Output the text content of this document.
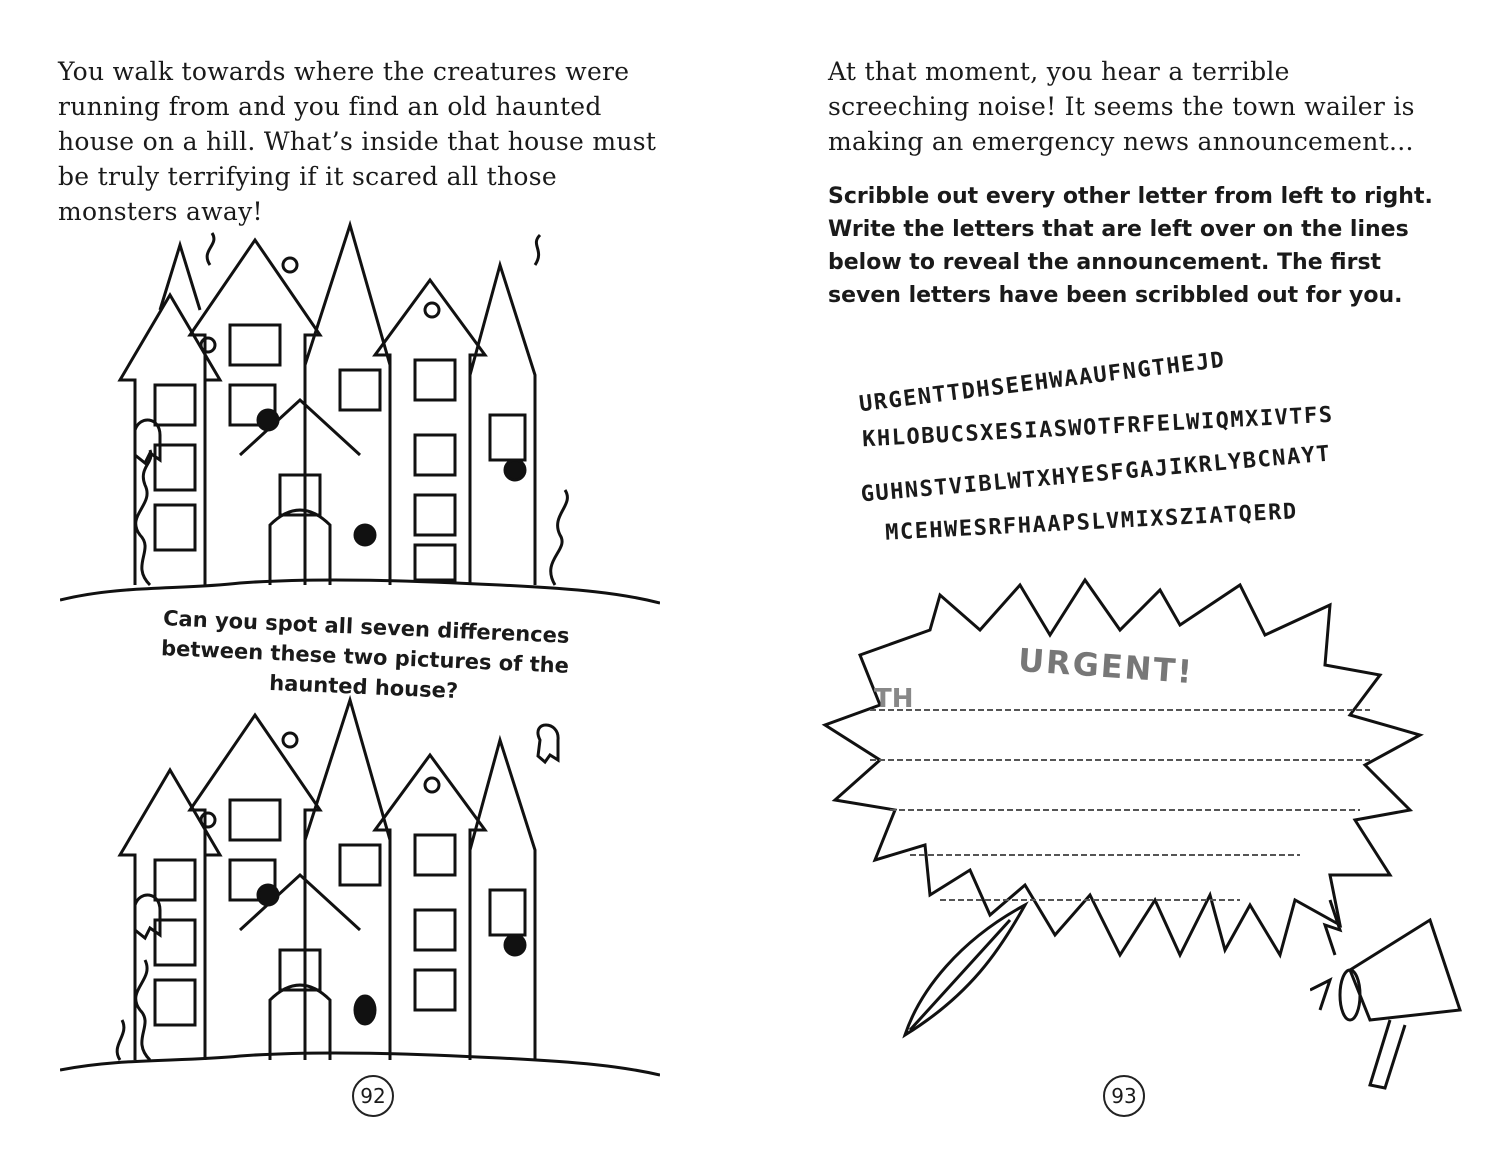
You walk towards where the creatures were running from and you find an old haunted house on a hill. What’s inside that house must be truly terrifying if it scared all those monsters away!

Can you spot all seven differences between these two pictures of the haunted house?
92

At that moment, you hear a terrible screeching noise! It seems the town wailer is making an emergency news announcement...

Scribble out every other letter from left to right. Write the letters that are left over on the lines below to reveal the announcement. The first seven letters have been scribbled out for you.

URGENTTDHSEEHWAAUFNGTHEJD
KHLOBUCSXESIASWOTFRFELWIQMXIVTFS
GUHNSTVIBLWTXHYESFGAJIKRLYBCNAYT
MCEHWESRFHAAPSLVMIXSZIATQERD
URGENT!
TH
93
